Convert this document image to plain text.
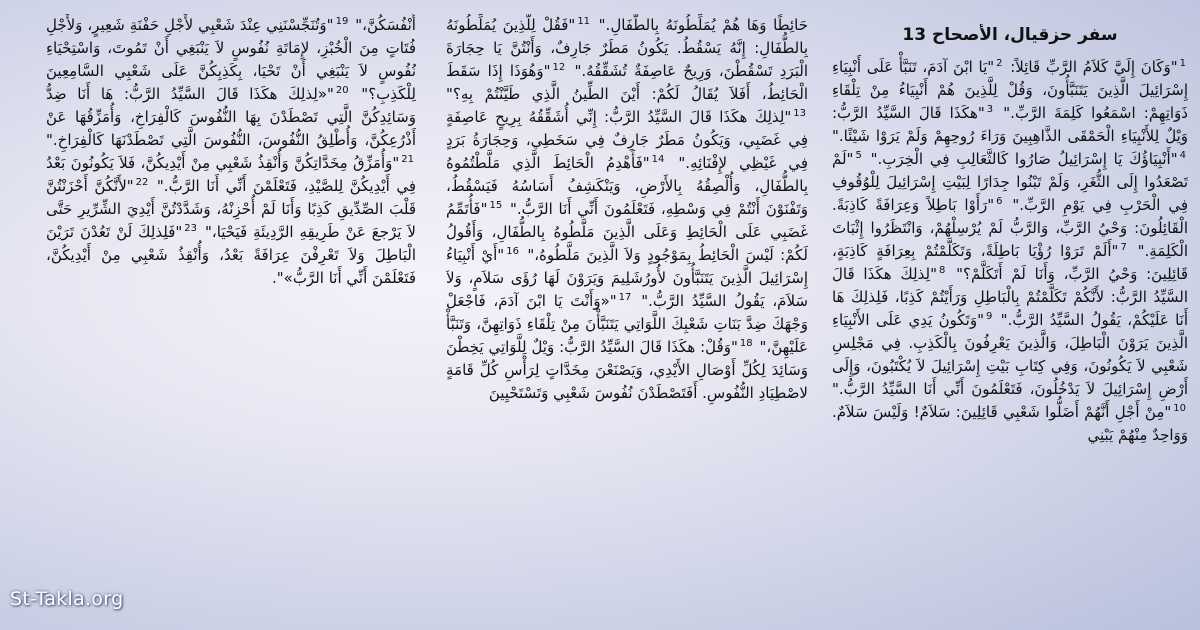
سفر حزقيال، الأصحاح 13
$^1$"وَكَانَ إِلَيَّ كَلاَمُ الرَّبِّ قَائِلاً: $^2$"يَا ابْنَ آدَمَ، تَنَبَّأْ عَلَى أَنْبِيَاءِ إِسْرَائِيلَ الَّذِينَ يَتَنَبَّأُونَ، وَقُلْ لِلَّذِينَ هُمْ أَنْبِيَاءُ مِنْ تِلْقَاءِ ذَوَاتِهِمْ: اسْمَعُوا كَلِمَةَ الرَّبِّ." $^3$"هكَذَا قَالَ السَّيِّدُ الرَّبُّ: وَيْلٌ لِلأَنْبِيَاءِ الْحَمْقَى الذَّاهِبِينَ وَرَاءَ رُوحِهِمْ وَلَمْ يَرَوْا شَيْئًا." $^4$"أَنْبِيَاؤُكَ يَا إِسْرَائِيلُ صَارُوا كَالثَّعَالِبِ فِي الْخِرَبِ." $^5$"لَمْ تَصْعَدُوا إِلَى الثُّغَرِ، وَلَمْ تَبْنُوا جِدَارًا لِبَيْتِ إِسْرَائِيلَ لِلْوُقُوفِ فِي الْحَرْبِ فِي يَوْمِ الرَّبِّ." $^6$"رَأَوْا بَاطِلاً وَعِرَافَةً كَاذِبَةً. الْقَائِلُونَ: وَحْيُ الرَّبِّ، وَالرَّبُّ لَمْ يُرْسِلْهُمْ، وَانْتَظَرُوا إِثْبَاتَ الْكَلِمَةِ." $^7$"أَلَمْ تَرَوْا رُؤْيَا بَاطِلَةً، وَتَكَلَّمْتُمْ بِعِرَافَةٍ كَاذِبَةٍ، قَائِلِينَ: وَحْيُ الرَّبِّ، وَأَنَا لَمْ أَتَكَلَّمْ؟" $^8$"لِذلِكَ هكَذَا قَالَ السَّيِّدُ الرَّبُّ: لأَنَّكُمْ تَكَلَّمْتُمْ بِالْبَاطِلِ وَرَأَيْتُمْ كَذِبًا، فَلِذلِكَ هَا أَنَا عَلَيْكُمْ، يَقُولُ السَّيِّدُ الرَّبُّ." $^9$"وَتَكُونُ يَدِي عَلَى الأَنْبِيَاءِ الَّذِينَ يَرَوْنَ الْبَاطِلَ، وَالَّذِينَ يَعْرِفُونَ بِالْكَذِبِ. فِي مَجْلِسِ شَعْبِي لاَ يَكُونُونَ، وَفِي كِتَابِ بَيْتِ إِسْرَائِيلَ لاَ يُكْتَبُونَ، وَإِلَى أَرْضِ إِسْرَائِيلَ لاَ يَدْخُلُونَ، فَتَعْلَمُونَ أَنِّي أَنَا السَّيِّدُ الرَّبُّ." $^{10}$"مِنْ أَجْلِ أَنَّهُمْ أَضَلُّوا شَعْبِي قَائِلِينَ: سَلاَمٌ! وَلَيْسَ سَلاَمٌ. وَوَاحِدٌ مِنْهُمْ يَبْنِي
حَائِطًا وَهَا هُمْ يُمَلِّطُونَهُ بِالطُّفَالِ." $^{11}$"فَقُلْ لِلَّذِينَ يُمَلِّطُونَهُ بِالطُّفَالِ: إِنَّهُ يَسْقُطُ. يَكُونُ مَطَرٌ جَارِفٌ، وَأَنْتُنَّ يَا حِجَارَةَ الْبَرَدِ تَسْقُطْنَ، وَرِيحٌ عَاصِفَةٌ تُشَقِّقُهُ." $^{12}$"وَهُوَذَا إِذَا سَقَطَ الْحَائِطُ، أَفَلاَ يُقَالُ لَكُمْ: أَيْنَ الطِّينُ الَّذِي طَيَّنْتُمْ بِهِ؟" $^{13}$"لِذلِكَ هكَذَا قَالَ السَّيِّدُ الرَّبُّ: إِنِّي أُشَقِّقُهُ بِرِيحٍ عَاصِفَةٍ فِي غَضَبِي، وَيَكُونُ مَطَرٌ جَارِفٌ فِي سَخَطِي، وَحِجَارَةُ بَرَدٍ فِي غَيْظِي لإِفْنَائِهِ." $^{14}$"فَأَهْدِمُ الْحَائِطَ الَّذِي مَلَّطْتُمُوهُ بِالطُّفَالِ، وَأُلْصِقُهُ بِالأَرْضِ، وَيَنْكَشِفُ أَسَاسُهُ فَيَسْقُطُ، وَتَفْنَوْنَ أَنْتُمْ فِي وَسْطِهِ، فَتَعْلَمُونَ أَنِّي أَنَا الرَّبُّ." $^{15}$"فَأُتَمِّمُ غَضَبِي عَلَى الْحَائِطِ وَعَلَى الَّذِينَ مَلَّطُوهُ بِالطُّفَالِ، وَأَقُولُ لَكُمْ: لَيْسَ الْحَائِطُ بِمَوْجُودٍ وَلاَ الَّذِينَ مَلَّطُوهُ،" $^{16}$"أَيْ أَنْبِيَاءُ إِسْرَائِيلَ الَّذِينَ يَتَنَبَّأُونَ لأُورُشَلِيمَ وَيَرَوْنَ لَهَا رُؤَى سَلاَمٍ، وَلاَ سَلاَمَ، يَقُولُ السَّيِّدُ الرَّبُّ." $^{17}$"«وَأَنْتَ يَا ابْنَ آدَمَ، فَاجْعَلْ وَجْهَكَ ضِدَّ بَنَاتِ شَعْبِكَ اللَّوَاتِي يَتَنَبَّأْنَ مِنْ تِلْقَاءِ ذَوَاتِهِنَّ، وَتَنَبَّأْ عَلَيْهِنَّ،" $^{18}$"وَقُلْ: هكَذَا قَالَ السَّيِّدُ الرَّبُّ: وَيْلٌ لِلَّوَاتِي يَخِطْنَ وَسَائِدَ لِكُلِّ أَوْصَالِ الأَيْدِي، وَيَصْنَعْنَ مِخَدَّاتٍ لِرَأْسِ كُلِّ قَامَةٍ لاصْطِيَادِ النُّفُوسِ. أَفَتَصْطَدْنَ نُفُوسَ شَعْبِي وَتَسْتَحْيِينَ
أَنْفُسَكُنَّ،" $^{19}$"وَتُنَجِّسْنَنِي عِنْدَ شَعْبِي لأَجْلِ حَفْنَةِ شَعِيرٍ، وَلأَجْلِ فُتَاتٍ مِنَ الْخُبْزِ، لإِمَاتَةِ نُفُوسٍ لاَ يَنْبَغِي أَنْ تَمُوتَ، وَاسْتِحْيَاءِ نُفُوسٍ لاَ يَنْبَغِي أَنْ تَحْيَا، بِكَذِبِكُنَّ عَلَى شَعْبِي السَّامِعِينَ لِلْكَذِبِ؟" $^{20}$"«لِذلِكَ هكَذَا قَالَ السَّيِّدُ الرَّبُّ: هَا أَنَا ضِدُّ وَسَائِدِكُنَّ الَّتِي تَصْطَدْنَ بِهَا النُّفُوسَ كَالْفِرَاخِ، وَأُمَزِّقُهَا عَنْ أَذْرُعِكُنَّ، وَأُطْلِقُ النُّفُوسَ، النُّفُوسَ الَّتِي تَصْطَدْنَهَا كَالْفِرَاخِ." $^{21}$"وَأُمَزِّقُ مِخَدَّاتِكُنَّ وَأُنْقِذُ شَعْبِي مِنْ أَيْدِيكُنَّ، فَلاَ يَكُونُونَ بَعْدُ فِي أَيْدِيكُنَّ لِلصَّيْدِ، فَتَعْلَمْنَ أَنِّي أَنَا الرَّبُّ." $^{22}$"لأَنَّكُنَّ أَحْزَنْتُنَّ قَلْبَ الصِّدِّيقِ كَذِبًا وَأَنَا لَمْ أُحْزِنْهُ، وَشَدَّدْتُنَّ أَيْدِيَ الشِّرِّيرِ حَتَّى لاَ يَرْجعَ عَنْ طَرِيقِهِ الرَّدِيئَةِ فَيَحْيَا،" $^{23}$"فَلِذلِكَ لَنْ تَعُدْنَ تَرَيْنَ الْبَاطِلَ وَلاَ تَعْرِفْنَ عِرَافَةً بَعْدُ، وَأُنْقِذُ شَعْبِي مِنْ أَيْدِيكُنَّ، فَتَعْلَمْنَ أَنِّي أَنَا الرَّبُّ»".
St-Takla.org
